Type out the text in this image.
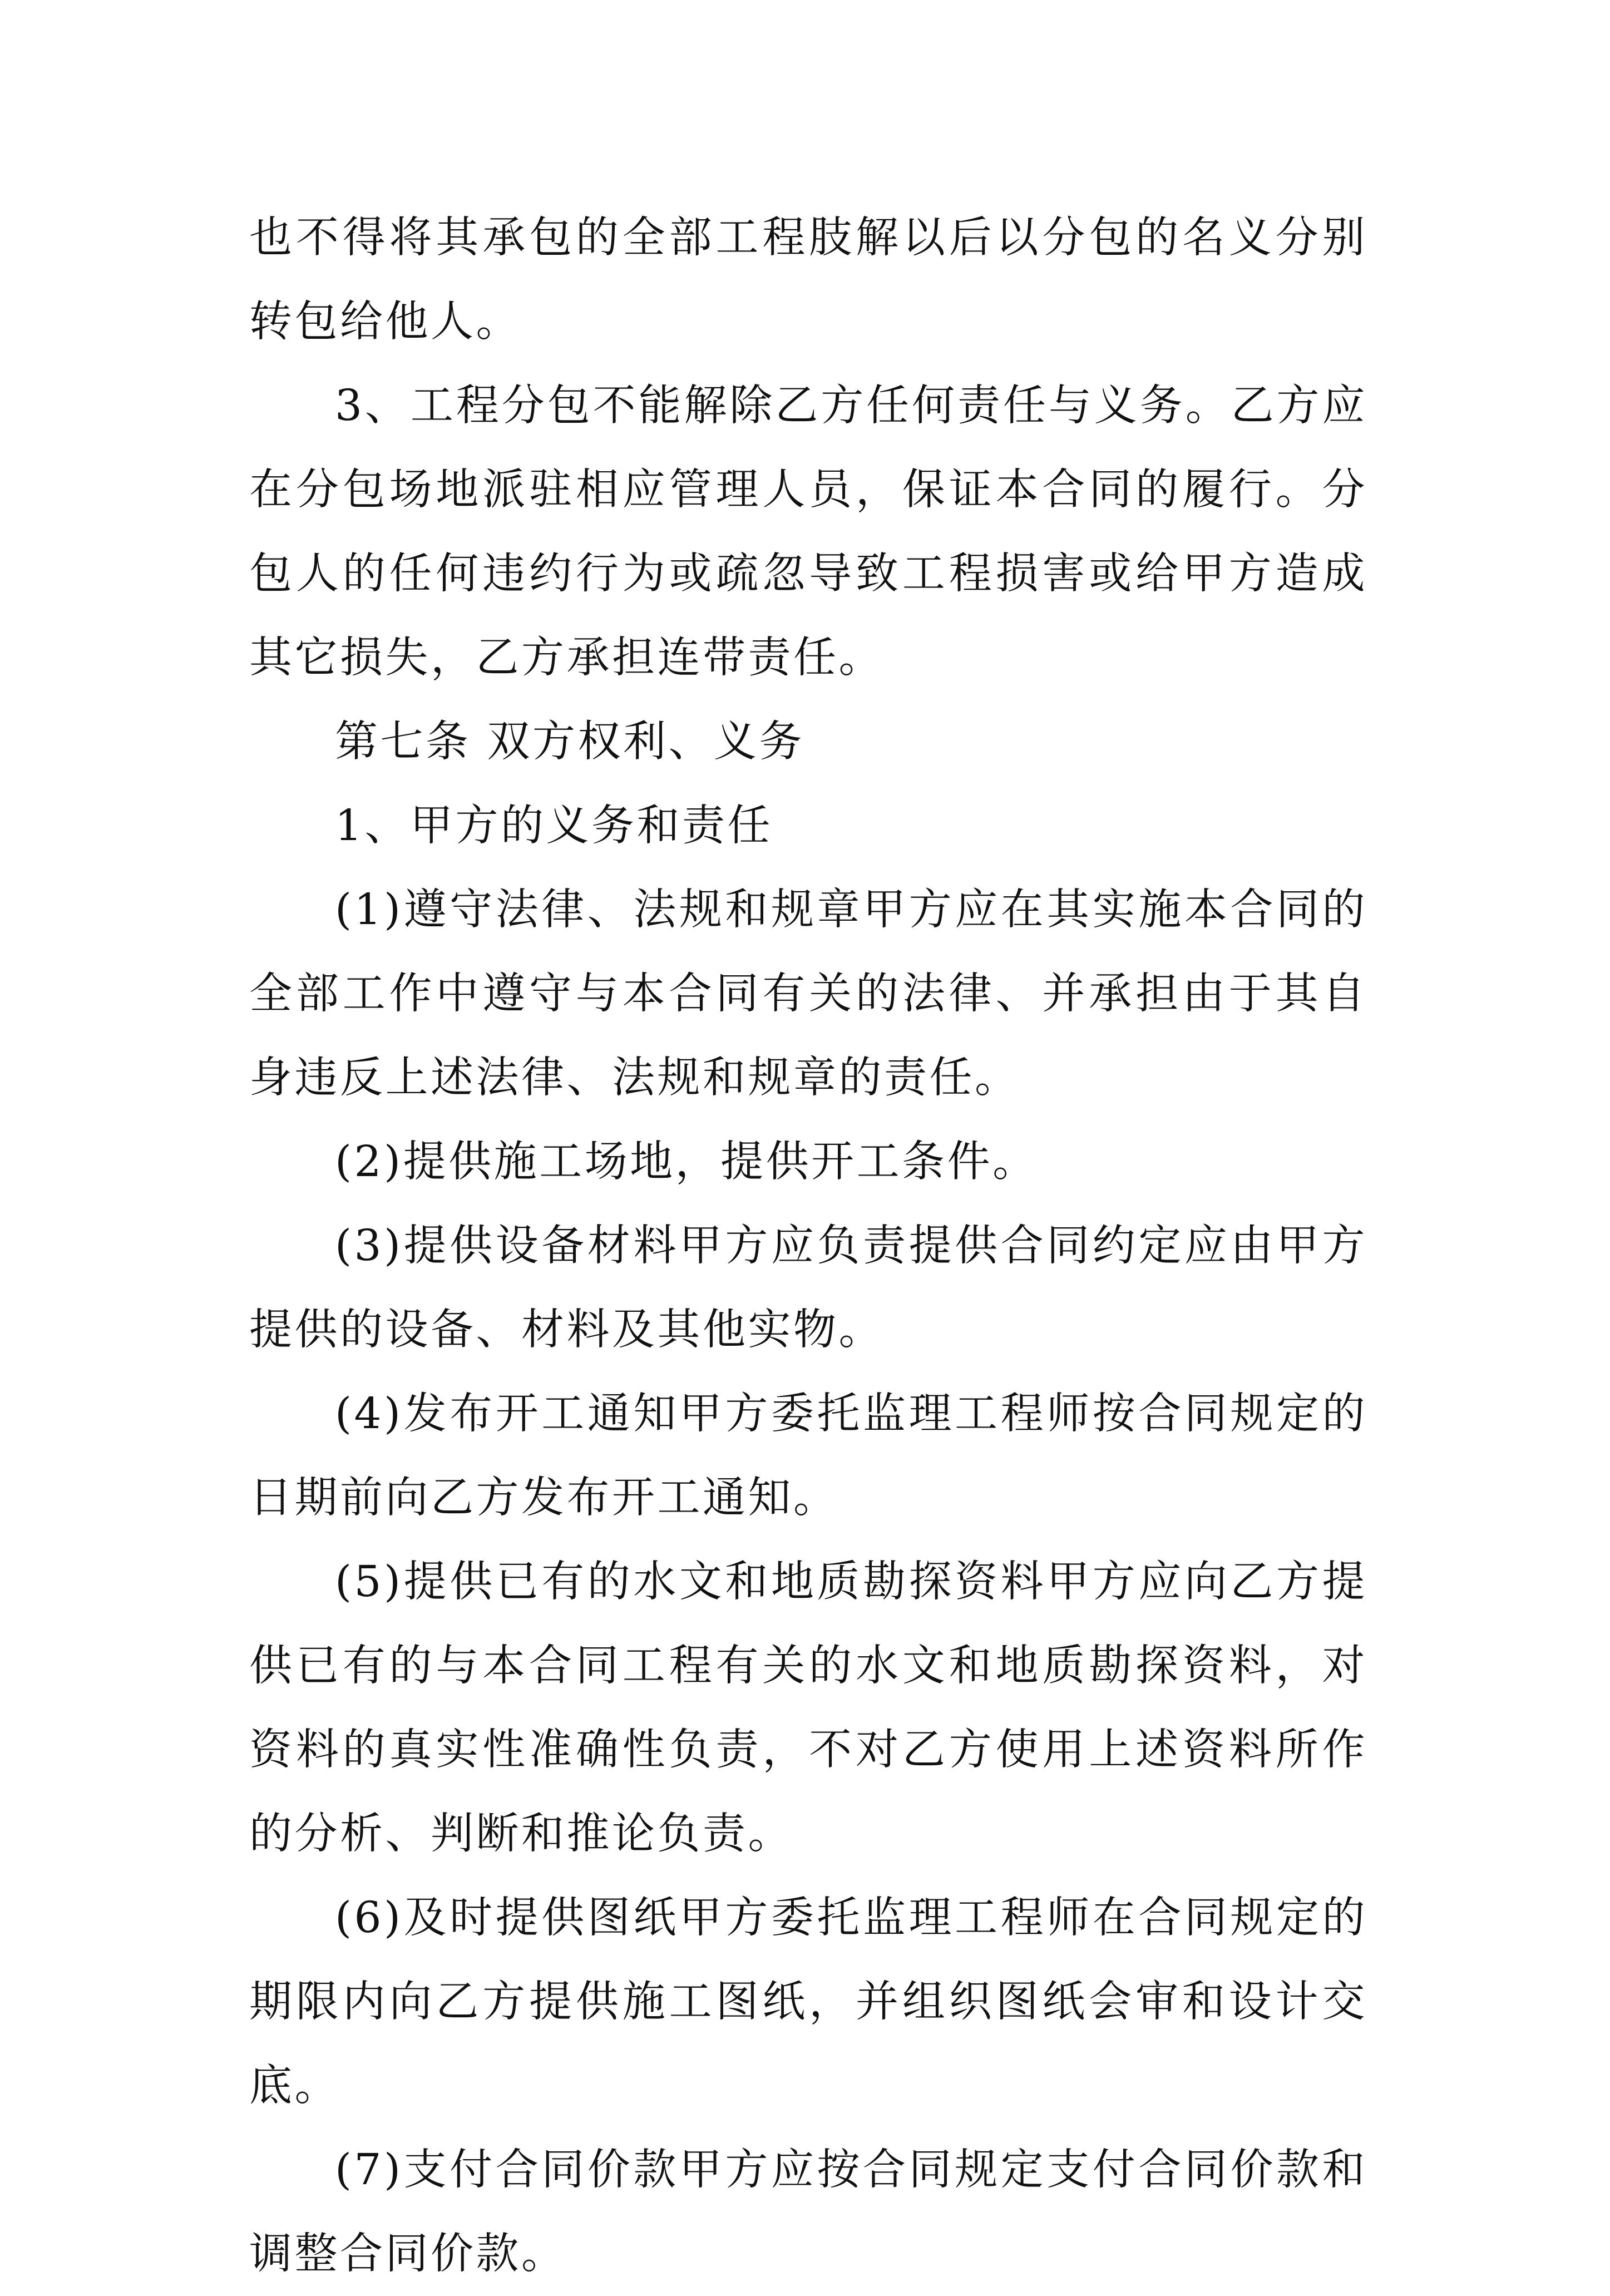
也不得将其承包的全部工程肢解以后以分包的名义分别转包给他人。

3、工程分包不能解除乙方任何责任与义务。乙方应在分包场地派驻相应管理人员，保证本合同的履行。分包人的任何违约行为或疏忽导致工程损害或给甲方造成其它损失，乙方承担连带责任。

第七条 双方权利、义务

1、甲方的义务和责任

(1)遵守法律、法规和规章甲方应在其实施本合同的全部工作中遵守与本合同有关的法律、并承担由于其自身违反上述法律、法规和规章的责任。

(2)提供施工场地，提供开工条件。

(3)提供设备材料甲方应负责提供合同约定应由甲方提供的设备、材料及其他实物。

(4)发布开工通知甲方委托监理工程师按合同规定的日期前向乙方发布开工通知。

(5)提供已有的水文和地质勘探资料甲方应向乙方提供已有的与本合同工程有关的水文和地质勘探资料，对资料的真实性准确性负责，不对乙方使用上述资料所作的分析、判断和推论负责。

(6)及时提供图纸甲方委托监理工程师在合同规定的期限内向乙方提供施工图纸，并组织图纸会审和设计交底。

(7)支付合同价款甲方应按合同规定支付合同价款和调整合同价款。
